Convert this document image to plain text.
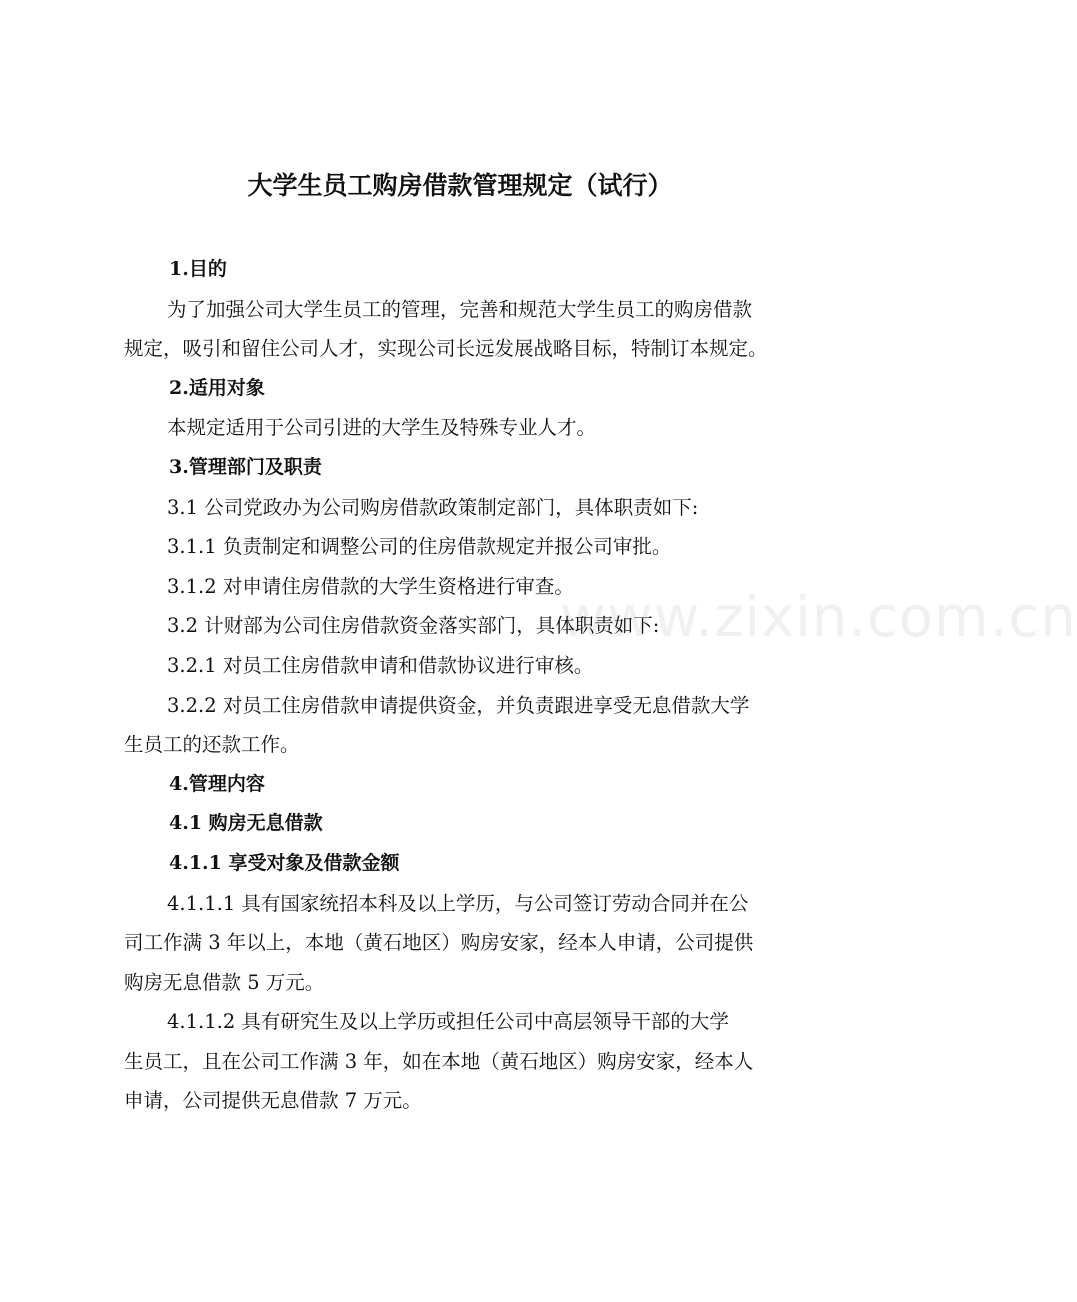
大学生员工购房借款管理规定（试行）
www.zixin.com.cn

1.目的

为了加强公司大学生员工的管理，完善和规范大学生员工的购房借款

规定，吸引和留住公司人才，实现公司长远发展战略目标，特制订本规定。

2.适用对象

本规定适用于公司引进的大学生及特殊专业人才。

3.管理部门及职责

3.1 公司党政办为公司购房借款政策制定部门，具体职责如下:

3.1.1 负责制定和调整公司的住房借款规定并报公司审批。

3.1.2 对申请住房借款的大学生资格进行审查。

3.2 计财部为公司住房借款资金落实部门，具体职责如下:

3.2.1 对员工住房借款申请和借款协议进行审核。

3.2.2 对员工住房借款申请提供资金，并负责跟进享受无息借款大学

生员工的还款工作。

4.管理内容

4.1 购房无息借款

4.1.1 享受对象及借款金额

4.1.1.1 具有国家统招本科及以上学历，与公司签订劳动合同并在公

司工作满 3 年以上，本地（黄石地区）购房安家，经本人申请，公司提供

购房无息借款 5 万元。

4.1.1.2 具有研究生及以上学历或担任公司中高层领导干部的大学

生员工，且在公司工作满 3 年，如在本地（黄石地区）购房安家，经本人

申请，公司提供无息借款 7 万元。
